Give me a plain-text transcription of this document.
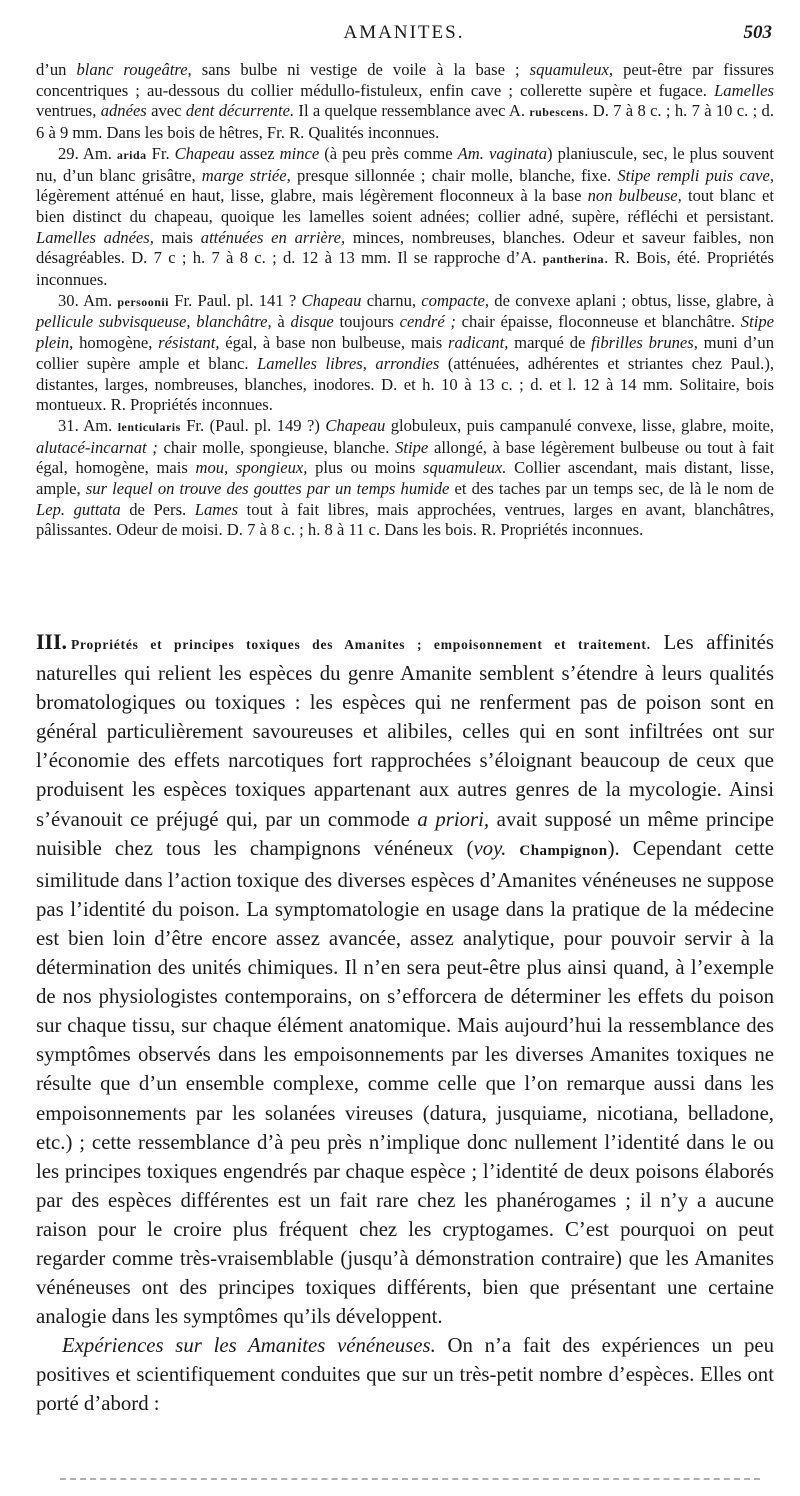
AMANITES.	503

d’un blanc rougeâtre, sans bulbe ni vestige de voile à la base ; squamuleux, peut-être par fissures concentriques ; au-dessous du collier médullo-fistuleux, enfin cave ; collerette supère et fugace. Lamelles ventrues, adnées avec dent décurrente. Il a quelque ressemblance avec A. rubescens. D. 7 à 8 c. ; h. 7 à 10 c. ; d. 6 à 9 mm. Dans les bois de hêtres, Fr. R. Qualités inconnues.

29. Am. arida Fr. Chapeau assez mince (à peu près comme Am. vaginata) planiuscule, sec, le plus souvent nu, d’un blanc grisâtre, marge striée, presque sillonnée ; chair molle, blanche, fixe. Stipe rempli puis cave, légèrement atténué en haut, lisse, glabre, mais légèrement floconneux à la base non bulbeuse, tout blanc et bien distinct du chapeau, quoique les lamelles soient adnées; collier adné, supère, réfléchi et persistant. Lamelles adnées, mais atténuées en arrière, minces, nombreuses, blanches. Odeur et saveur faibles, non désagréables. D. 7 c ; h. 7 à 8 c. ; d. 12 à 13 mm. Il se rapproche d’A. pantherina. R. Bois, été. Propriétés inconnues.

30. Am. persoonii Fr. Paul. pl. 141 ? Chapeau charnu, compacte, de convexe aplani ; obtus, lisse, glabre, à pellicule subvisqueuse, blanchâtre, à disque toujours cendré ; chair épaisse, floconneuse et blanchâtre. Stipe plein, homogène, résistant, égal, à base non bulbeuse, mais radicant, marqué de fibrilles brunes, muni d’un collier supère ample et blanc. Lamelles libres, arrondies (atténuées, adhérentes et striantes chez Paul.), distantes, larges, nombreuses, blanches, inodores. D. et h. 10 à 13 c. ; d. et l. 12 à 14 mm. Solitaire, bois montueux. R. Propriétés inconnues.

31. Am. lenticularis Fr. (Paul. pl. 149 ?) Chapeau globuleux, puis campanulé convexe, lisse, glabre, moite, alutacé-incarnat ; chair molle, spongieuse, blanche. Stipe allongé, à base légèrement bulbeuse ou tout à fait égal, homogène, mais mou, spongieux, plus ou moins squamuleux. Collier ascendant, mais distant, lisse, ample, sur lequel on trouve des gouttes par un temps humide et des taches par un temps sec, de là le nom de Lep. guttata de Pers. Lames tout à fait libres, mais approchées, ventrues, larges en avant, blanchâtres, pâlissantes. Odeur de moisi. D. 7 à 8 c. ; h. 8 à 11 c. Dans les bois. R. Propriétés inconnues.

III. Propriétés et principes toxiques des Amanites ; empoisonnement et traitement. Les affinités naturelles qui relient les espèces du genre Amanite semblent s’étendre à leurs qualités bromatologiques ou toxiques : les espèces qui ne renferment pas de poison sont en général particulièrement savoureuses et alibiles, celles qui en sont infiltrées ont sur l’économie des effets narcotiques fort rapprochées s’éloignant beaucoup de ceux que produisent les espèces toxiques appartenant aux autres genres de la mycologie. Ainsi s’évanouit ce préjugé qui, par un commode a priori, avait supposé un même principe nuisible chez tous les champignons vénéneux (voy. Champignon). Cependant cette similitude dans l’action toxique des diverses espèces d’Amanites vénéneuses ne suppose pas l’identité du poison. La symptomatologie en usage dans la pratique de la médecine est bien loin d’être encore assez avancée, assez analytique, pour pouvoir servir à la détermination des unités chimiques. Il n’en sera peut-être plus ainsi quand, à l’exemple de nos physiologistes contemporains, on s’efforcera de déterminer les effets du poison sur chaque tissu, sur chaque élément anatomique. Mais aujourd’hui la ressemblance des symptômes observés dans les empoisonnements par les diverses Amanites toxiques ne résulte que d’un ensemble complexe, comme celle que l’on remarque aussi dans les empoisonnements par les solanées vireuses (datura, jusquiame, nicotiana, belladone, etc.) ; cette ressemblance d’à peu près n’implique donc nullement l’identité dans le ou les principes toxiques engendrés par chaque espèce ; l’identité de deux poisons élaborés par des espèces différentes est un fait rare chez les phanérogames ; il n’y a aucune raison pour le croire plus fréquent chez les cryptogames. C’est pourquoi on peut regarder comme très-vraisemblable (jusqu’à démonstration contraire) que les Amanites vénéneuses ont des principes toxiques différents, bien que présentant une certaine analogie dans les symptômes qu’ils développent.

Expériences sur les Amanites vénéneuses. On n’a fait des expériences un peu positives et scientifiquement conduites que sur un très-petit nombre d’espèces. Elles ont porté d’abord :
